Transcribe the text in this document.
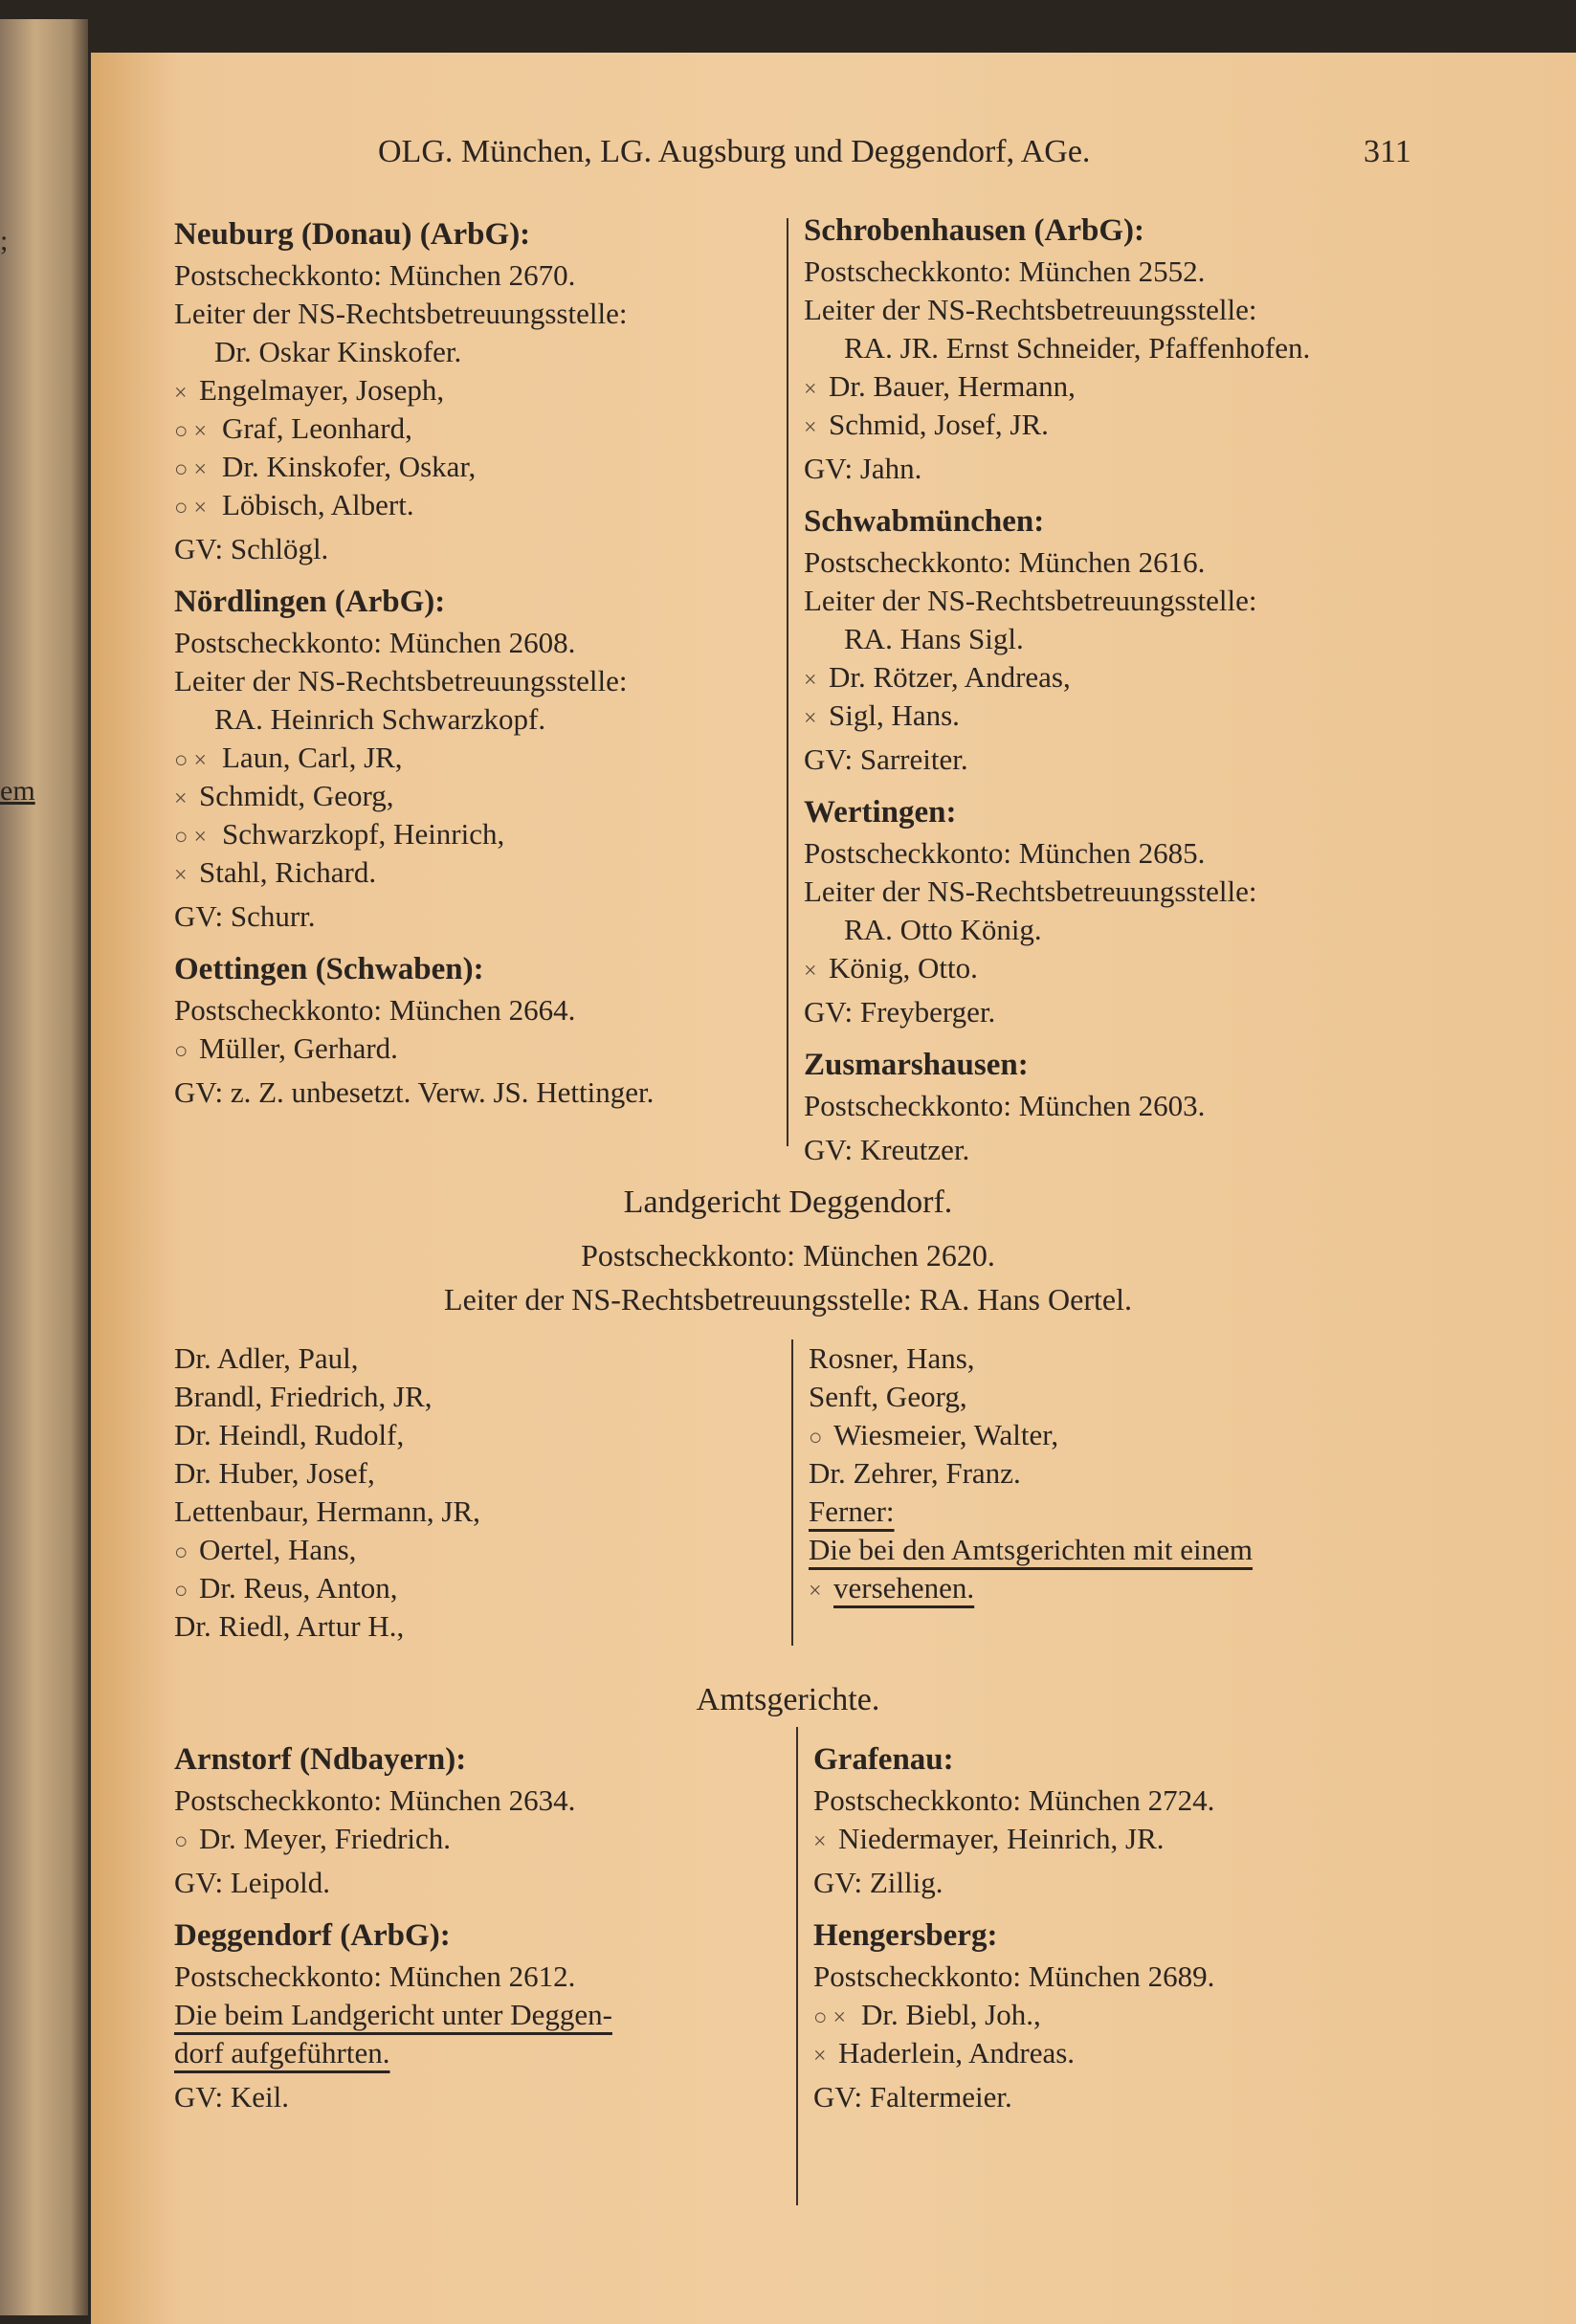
;
em
OLG. München, LG. Augsburg und Deggendorf, AGe.	311
Neuburg (Donau) (ArbG):
Postscheckkonto: München 2670.
Leiter der NS-Rechtsbetreuungsstelle:
Dr. Oskar Kinskofer.
× Engelmayer, Joseph,
○ × Graf, Leonhard,
○ × Dr. Kinskofer, Oskar,
○ × Löbisch, Albert.
GV: Schlögl.
Nördlingen (ArbG):
Postscheckkonto: München 2608.
Leiter der NS-Rechtsbetreuungsstelle:
RA. Heinrich Schwarzkopf.
○ × Laun, Carl, JR,
× Schmidt, Georg,
○ × Schwarzkopf, Heinrich,
× Stahl, Richard.
GV: Schurr.
Oettingen (Schwaben):
Postscheckkonto: München 2664.
○ Müller, Gerhard.
GV: z. Z. unbesetzt. Verw. JS. Hettinger.
Schrobenhausen (ArbG):
Postscheckkonto: München 2552.
Leiter der NS-Rechtsbetreuungsstelle:
RA. JR. Ernst Schneider, Pfaffenhofen.
× Dr. Bauer, Hermann,
× Schmid, Josef, JR.
GV: Jahn.
Schwabmünchen:
Postscheckkonto: München 2616.
Leiter der NS-Rechtsbetreuungsstelle:
RA. Hans Sigl.
× Dr. Rötzer, Andreas,
× Sigl, Hans.
GV: Sarreiter.
Wertingen:
Postscheckkonto: München 2685.
Leiter der NS-Rechtsbetreuungsstelle:
RA. Otto König.
× König, Otto.
GV: Freyberger.
Zusmarshausen:
Postscheckkonto: München 2603.
GV: Kreutzer.
Landgericht Deggendorf.
Postscheckkonto: München 2620.
Leiter der NS-Rechtsbetreuungsstelle: RA. Hans Oertel.
Dr. Adler, Paul,
Brandl, Friedrich, JR,
Dr. Heindl, Rudolf,
Dr. Huber, Josef,
Lettenbaur, Hermann, JR,
○ Oertel, Hans,
○ Dr. Reus, Anton,
Dr. Riedl, Artur H.,
Rosner, Hans,
Senft, Georg,
○ Wiesmeier, Walter,
Dr. Zehrer, Franz.
Ferner:
Die bei den Amtsgerichten mit einem
× versehenen.
Amtsgerichte.
Arnstorf (Ndbayern):
Postscheckkonto: München 2634.
○ Dr. Meyer, Friedrich.
GV: Leipold.
Deggendorf (ArbG):
Postscheckkonto: München 2612.
Die beim Landgericht unter Deggen-
dorf aufgeführten.
GV: Keil.
Grafenau:
Postscheckkonto: München 2724.
× Niedermayer, Heinrich, JR.
GV: Zillig.
Hengersberg:
Postscheckkonto: München 2689.
○ × Dr. Biebl, Joh.,
× Haderlein, Andreas.
GV: Faltermeier.
